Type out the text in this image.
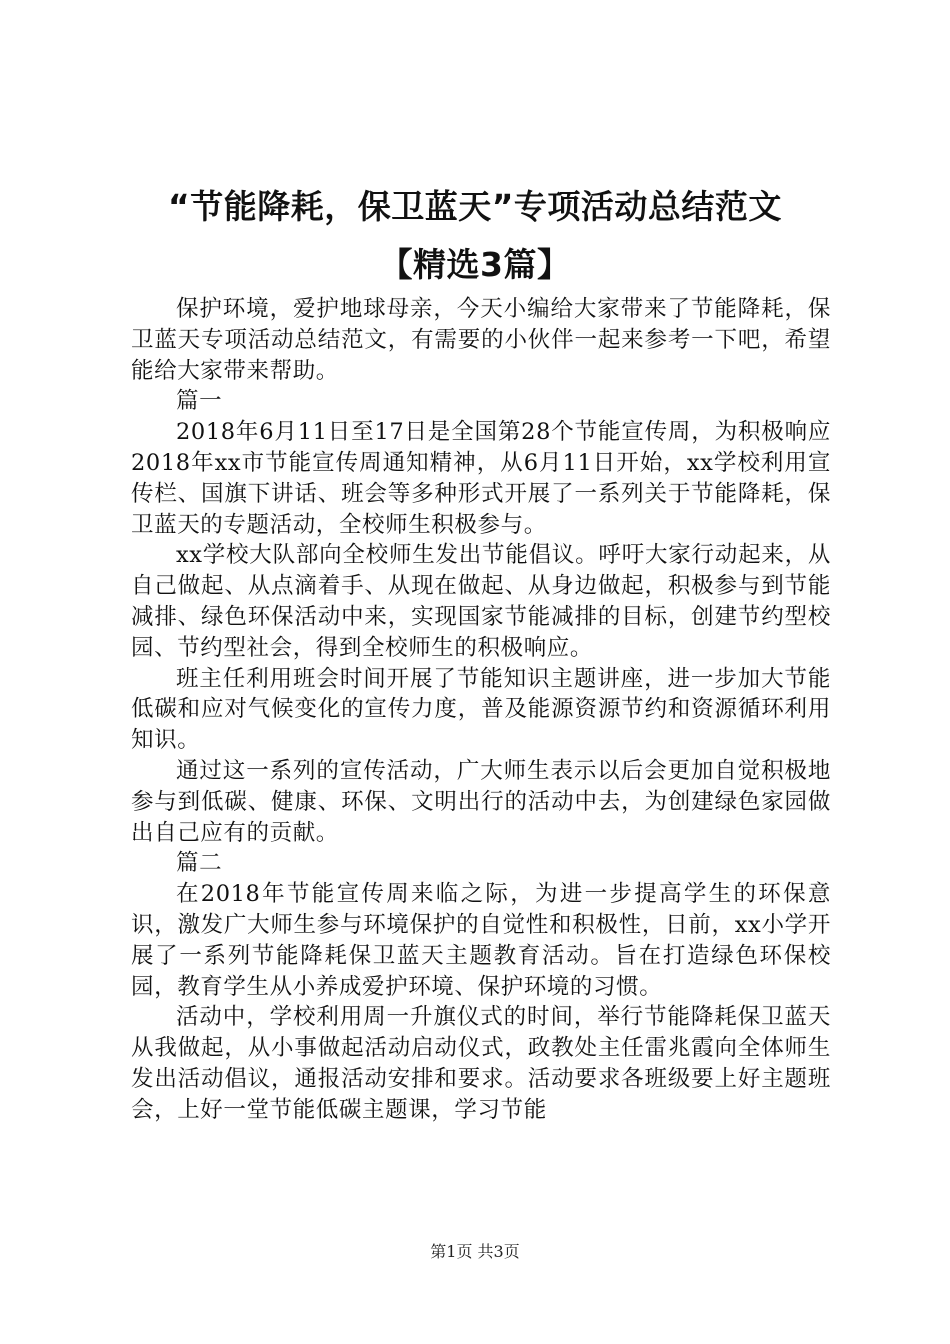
“节能降耗，保卫蓝天”专项活动总结范文
【精选3篇】

保护环境，爱护地球母亲，今天小编给大家带来了节能降耗，保卫蓝天专项活动总结范文，有需要的小伙伴一起来参考一下吧，希望能给大家带来帮助。

篇一

2018年6月11日至17日是全国第28个节能宣传周，为积极响应2018年xx市节能宣传周通知精神，从6月11日开始，xx学校利用宣传栏、国旗下讲话、班会等多种形式开展了一系列关于节能降耗，保卫蓝天的专题活动，全校师生积极参与。

xx学校大队部向全校师生发出节能倡议。呼吁大家行动起来，从自己做起、从点滴着手、从现在做起、从身边做起，积极参与到节能减排、绿色环保活动中来，实现国家节能减排的目标，创建节约型校园、节约型社会，得到全校师生的积极响应。

班主任利用班会时间开展了节能知识主题讲座，进一步加大节能低碳和应对气候变化的宣传力度，普及能源资源节约和资源循环利用知识。

通过这一系列的宣传活动，广大师生表示以后会更加自觉积极地参与到低碳、健康、环保、文明出行的活动中去，为创建绿色家园做出自己应有的贡献。

篇二

在2018年节能宣传周来临之际，为进一步提高学生的环保意识，激发广大师生参与环境保护的自觉性和积极性，日前，xx小学开展了一系列节能降耗保卫蓝天主题教育活动。旨在打造绿色环保校园，教育学生从小养成爱护环境、保护环境的习惯。

活动中，学校利用周一升旗仪式的时间，举行节能降耗保卫蓝天从我做起，从小事做起活动启动仪式，政教处主任雷兆霞向全体师生发出活动倡议，通报活动安排和要求。活动要求各班级要上好主题班会，上好一堂节能低碳主题课，学习节能

第1页 共3页
